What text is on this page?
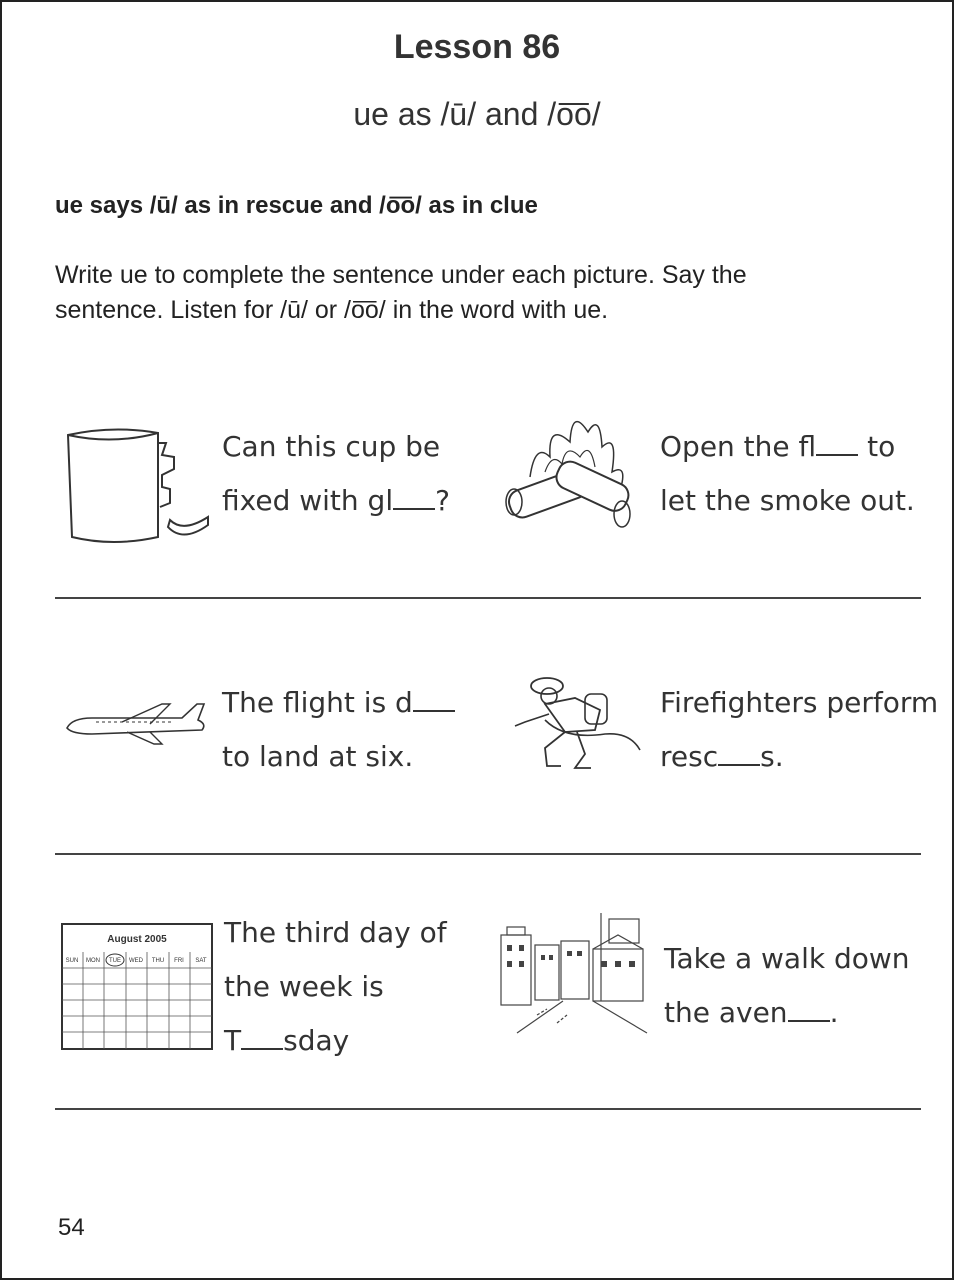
Lesson 86
ue as /ū/ and /o͞o/
ue says /ū/ as in rescue and /o͞o/ as in clue
Write ue to complete the sentence under each picture. Say the
sentence. Listen for /ū/ or /o͞o/ in the word with ue.
Can this cup be
fixed with gl ?
Open the fl to
let the smoke out.
The flight is d
to land at six.
Firefighters perform
resc s.
August 2005
SUN MON TUE WED THU FRI SAT
The third day of
the week is
T sday
Take a walk down
the aven .
54
